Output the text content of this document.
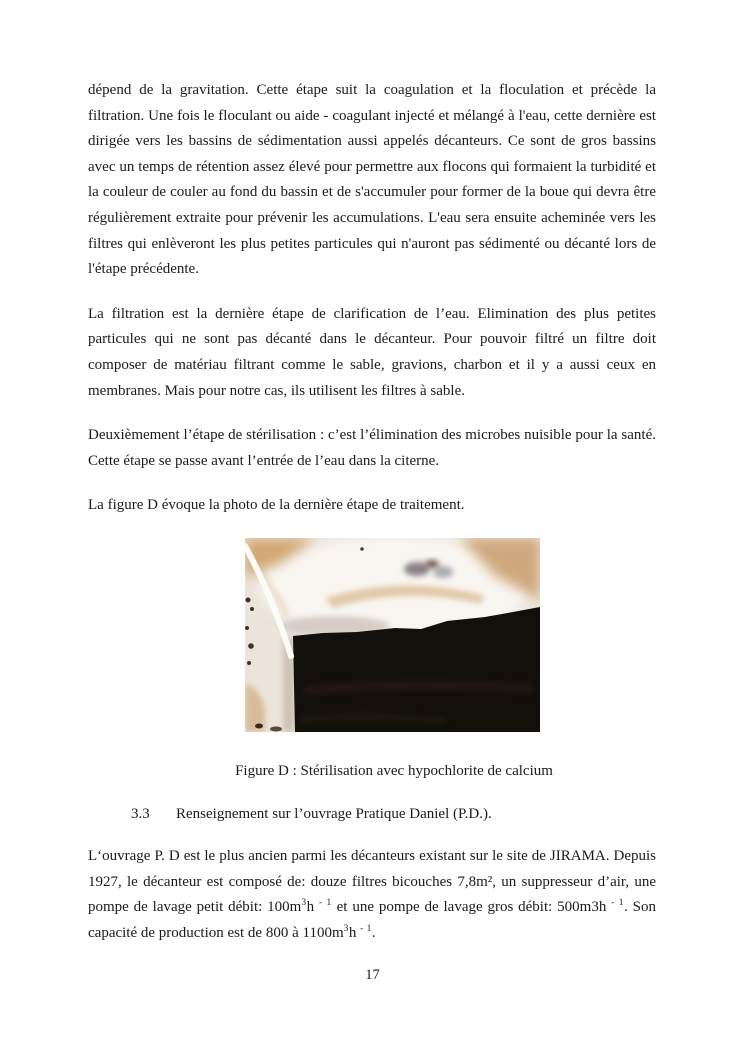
dépend de la gravitation. Cette étape suit la coagulation et la floculation et précède la filtration. Une fois le floculant ou aide - coagulant injecté et mélangé à l'eau, cette dernière est dirigée vers les bassins de sédimentation aussi appelés décanteurs. Ce sont de gros bassins avec un temps de rétention assez élevé pour permettre aux flocons qui formaient la turbidité et la couleur de couler au fond du bassin et de s'accumuler pour former de la boue qui devra être régulièrement extraite pour prévenir les accumulations. L'eau sera ensuite acheminée vers les filtres qui enlèveront les plus petites particules qui n'auront pas sédimenté ou décanté lors de l'étape précédente.

La filtration est la dernière étape de clarification de l’eau. Elimination des plus petites particules qui ne sont pas décanté dans le décanteur. Pour pouvoir filtré un filtre doit composer de matériau filtrant comme le sable, gravions, charbon et il y a aussi ceux en membranes. Mais pour notre cas, ils utilisent les filtres à sable.

Deuxièmement l’étape de stérilisation : c’est l’élimination des microbes nuisible pour la santé. Cette étape se passe avant l’entrée de l’eau dans la citerne.

La figure D évoque la photo de la dernière étape de traitement.

Figure D : Stérilisation avec hypochlorite de calcium

3.3 Renseignement sur l’ouvrage Pratique Daniel (P.D.).

L‘ouvrage P. D est le plus ancien parmi les décanteurs existant sur le site de JIRAMA. Depuis 1927, le décanteur est composé de: douze filtres bicouches 7,8m², un suppresseur d’air, une pompe de lavage petit débit: $100m^3h$ $^{- 1}$ et une pompe de lavage gros débit: 500m3h $^{- 1}$. Son capacité de production est de 800 à $1100m^3h$ $^{- 1}$.

17
